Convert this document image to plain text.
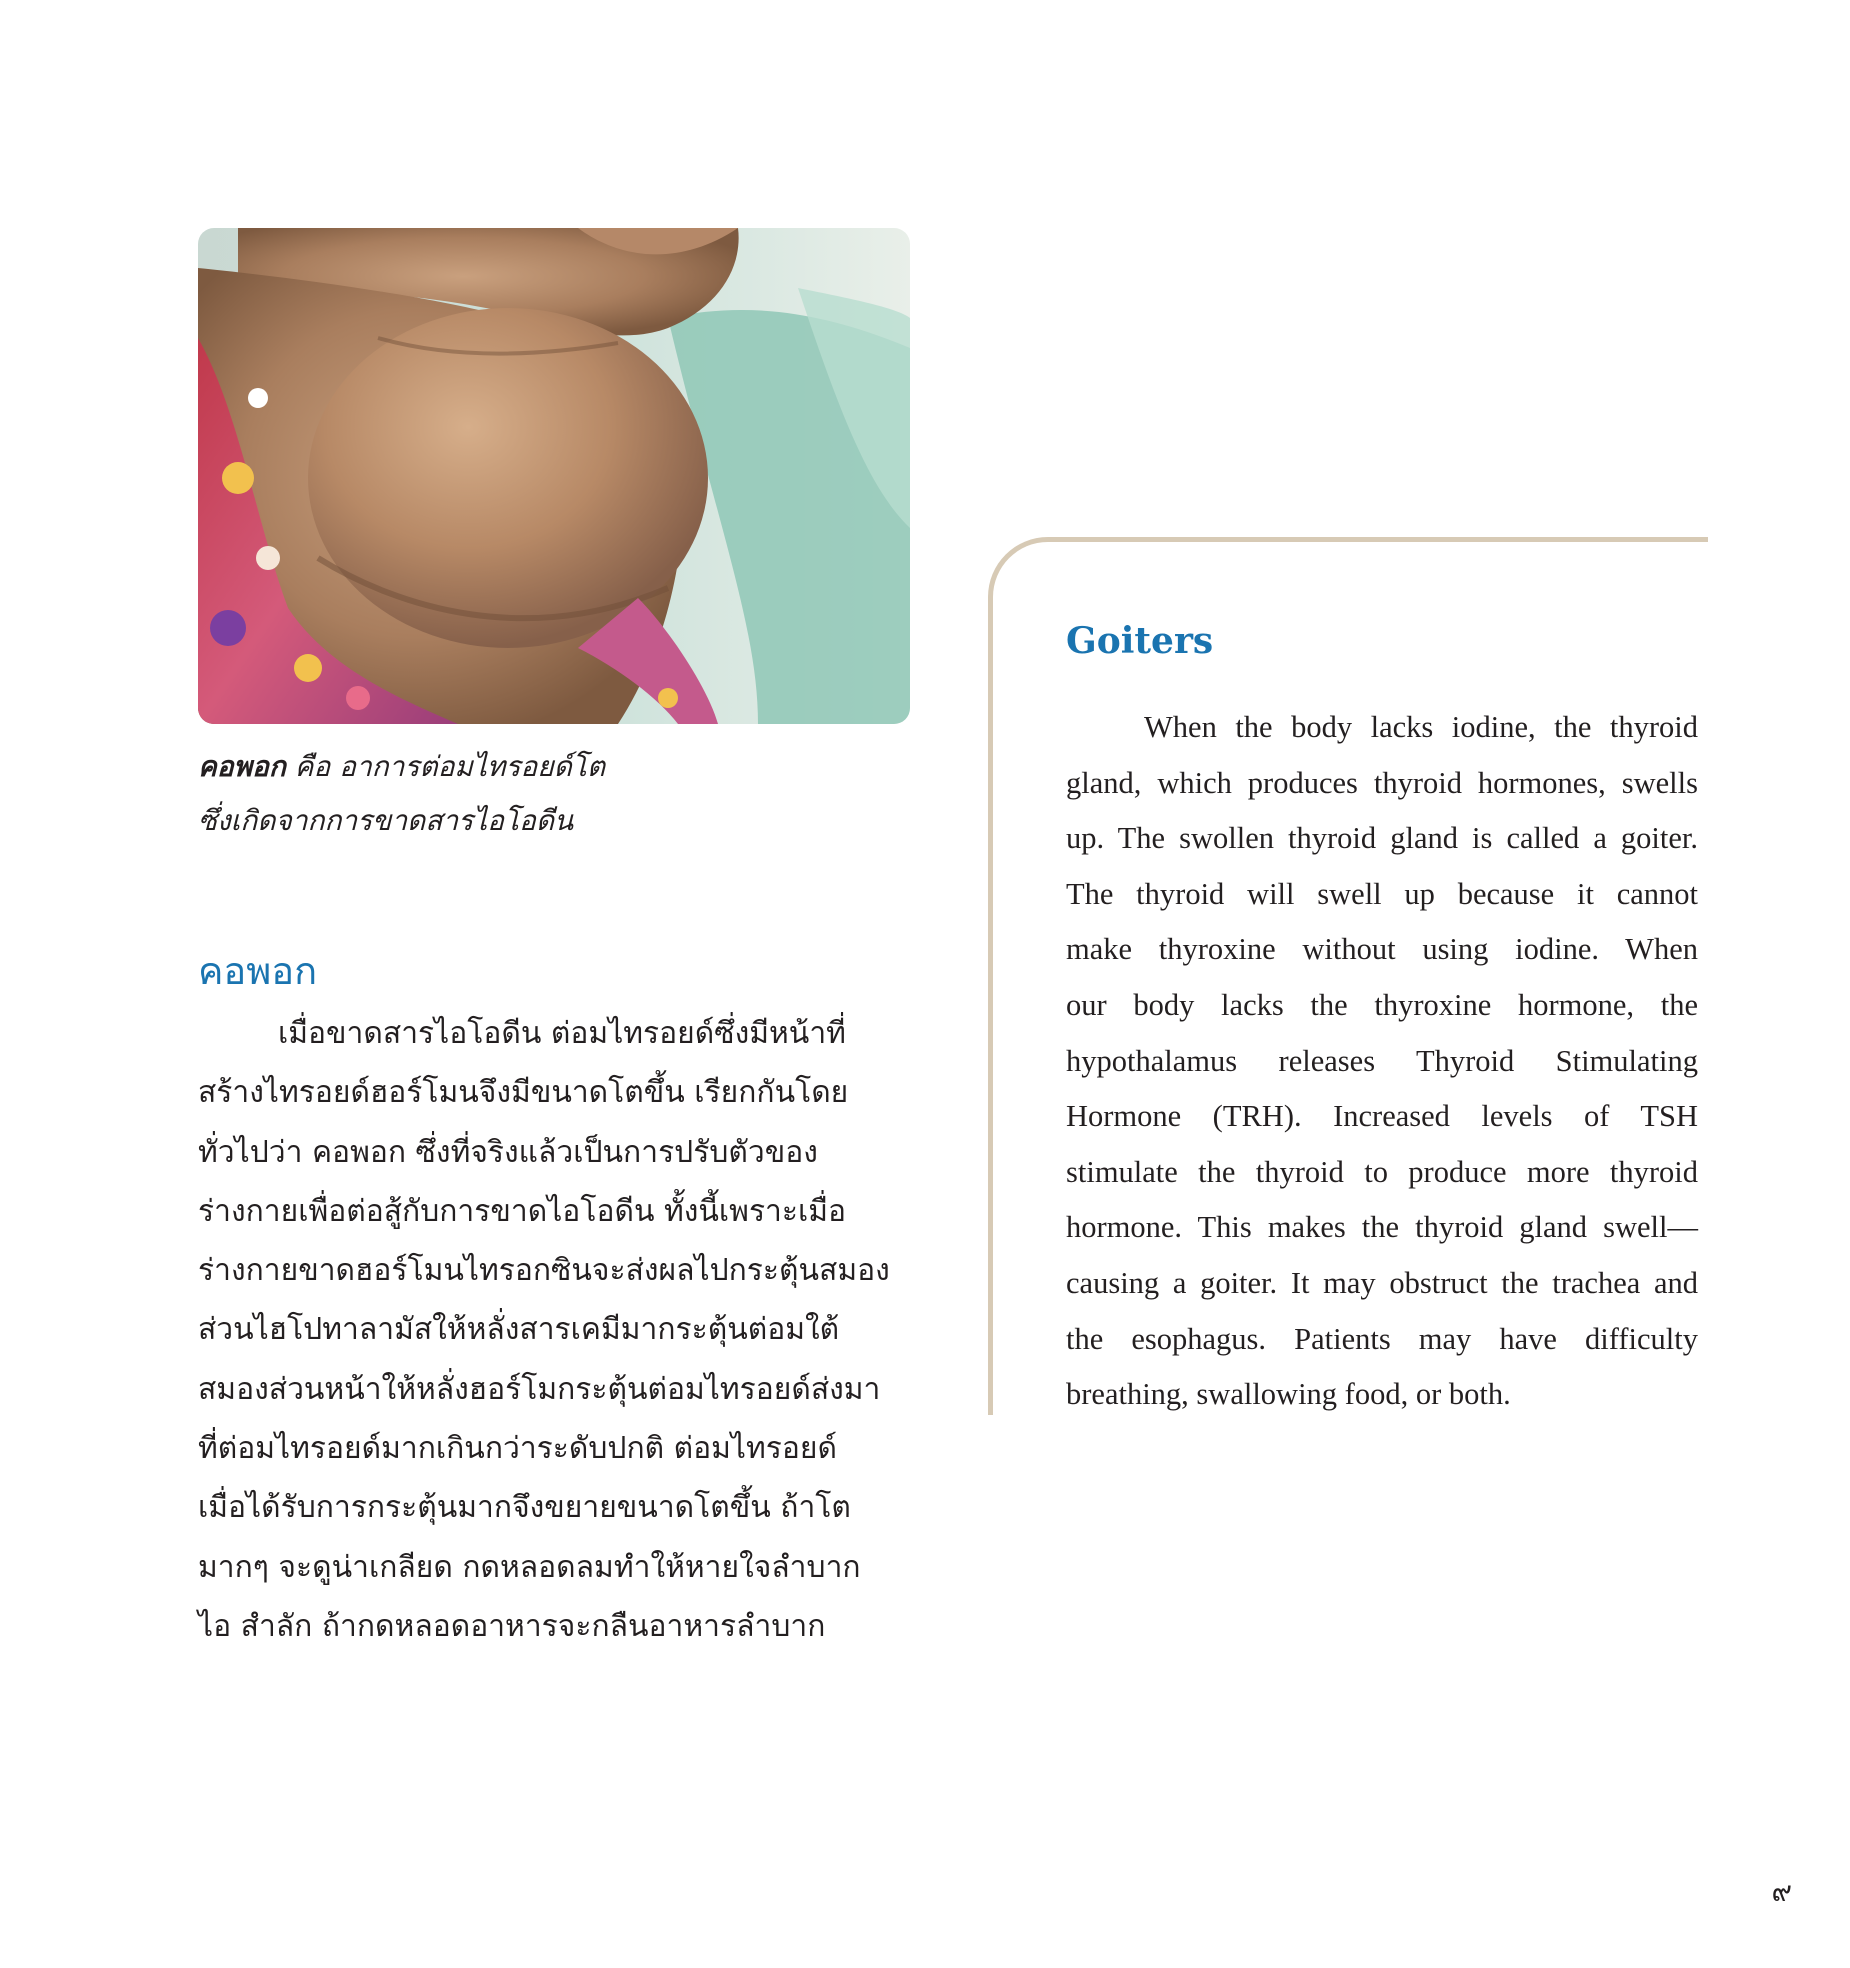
คอพอก คือ อาการต่อมไทรอยด์โต
ซึ่งเกิดจากการขาดสารไอโอดีน
คอพอก
เมื่อขาดสารไอโอดีน ต่อมไทรอยด์ซึ่งมีหน้าที่
สร้างไทรอยด์ฮอร์โมนจึงมีขนาดโตขึ้น เรียกกันโดย
ทั่วไปว่า คอพอก ซึ่งที่จริงแล้วเป็นการปรับตัวของ
ร่างกายเพื่อต่อสู้กับการขาดไอโอดีน ทั้งนี้เพราะเมื่อ
ร่างกายขาดฮอร์โมนไทรอกซินจะส่งผลไปกระตุ้นสมอง
ส่วนไฮโปทาลามัสให้หลั่งสารเคมีมากระตุ้นต่อมใต้
สมองส่วนหน้าให้หลั่งฮอร์โมกระตุ้นต่อมไทรอยด์ส่งมา
ที่ต่อมไทรอยด์มากเกินกว่าระดับปกติ ต่อมไทรอยด์
เมื่อได้รับการกระตุ้นมากจึงขยายขนาดโตขึ้น ถ้าโต
มากๆ จะดูน่าเกลียด กดหลอดลมทำให้หายใจลำบาก
ไอ สำลัก ถ้ากดหลอดอาหารจะกลืนอาหารลำบาก
Goiters
When the body lacks iodine, the thyroid
gland, which produces thyroid hormones, swells
up. The swollen thyroid gland is called a goiter.
The thyroid will swell up because it cannot
make thyroxine without using iodine. When
our body lacks the thyroxine hormone, the
hypothalamus releases Thyroid Stimulating
Hormone (TRH). Increased levels of TSH
stimulate the thyroid to produce more thyroid
hormone. This makes the thyroid gland swell—
causing a goiter. It may obstruct the trachea and
the esophagus. Patients may have difficulty
breathing, swallowing food, or both.
๙
